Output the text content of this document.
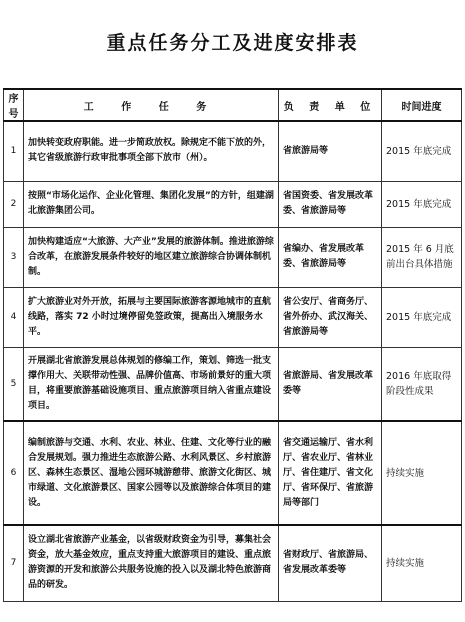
重点任务分工及进度安排表
序号	工 作 任 务	负 责 单 位	时间进度
1	加快转变政府职能。进一步简政放权。除规定不能下放的外，其它省级旅游行政审批事项全部下放市（州）。	省旅游局等	2015 年底完成
2	按照“市场化运作、企业化管理、集团化发展”的方针，组建湖北旅游集团公司。	省国资委、省发展改革委、省旅游局等	2015 年底完成
3	加快构建适应“大旅游、大产业”发展的旅游体制。推进旅游综合改革，在旅游发展条件较好的地区建立旅游综合协调体制机制。	省编办、省发展改革委、省旅游局等	2015 年 6 月底前出台具体措施
4	扩大旅游业对外开放，拓展与主要国际旅游客源地城市的直航线路，落实 72 小时过境停留免签政策，提高出入境服务水平。	省公安厅、省商务厅、省外侨办、武汉海关、省旅游局等	2015 年底完成
5	开展湖北省旅游发展总体规划的修编工作，策划、筛选一批支撑作用大、关联带动性强、品牌价值高、市场前景好的重大项目，将重要旅游基础设施项目、重点旅游项目纳入省重点建设项目。	省旅游局、省发展改革委等	2016 年底取得阶段性成果
6	编制旅游与交通、水利、农业、林业、住建、文化等行业的融合发展规划。强力推进生态旅游公路、水利风景区、乡村旅游区、森林生态景区、湿地公园环城游憩带、旅游文化街区、城市绿道、文化旅游景区、国家公园等以及旅游综合体项目的建设。	省交通运输厅、省水利厅、省农业厅、省林业厅、省住建厅、省文化厅、省环保厅、省旅游局等部门	持续实施
7	设立湖北省旅游产业基金，以省级财政资金为引导，募集社会资金，放大基金效应，重点支持重大旅游项目的建设、重点旅游资源的开发和旅游公共服务设施的投入以及湖北特色旅游商品的研发。	省财政厅、省旅游局、省发展改革委等	持续实施
